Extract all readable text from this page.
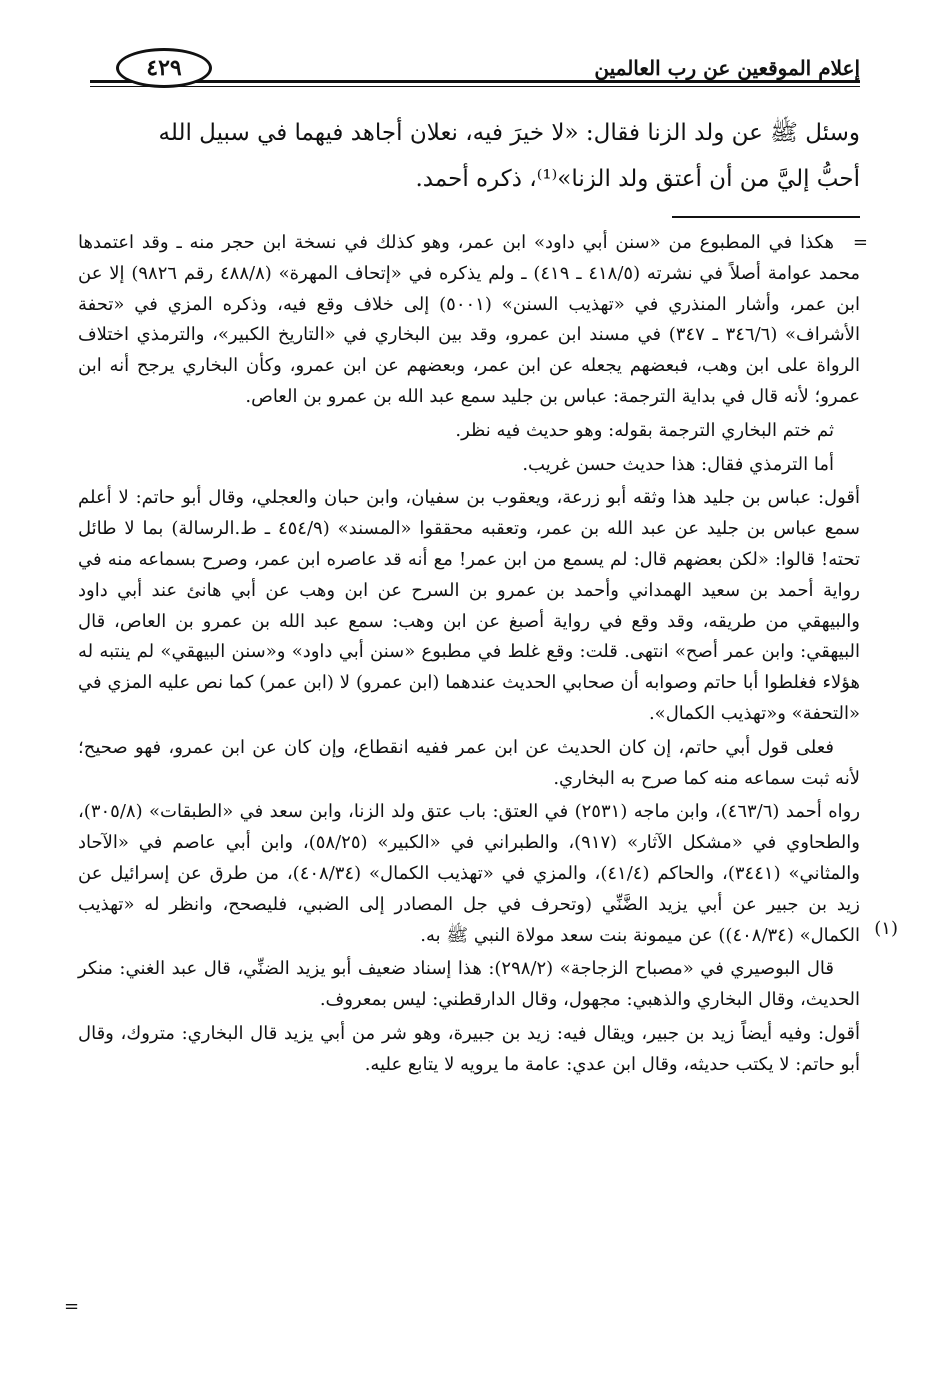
إعلام الموقعين عن رب العالمين
٤٢٩

وسئل ﷺ عن ولد الزنا فقال: «لا خيرَ فيه، نعلان أجاهد فيهما في سبيل الله

أحبُّ إليَّ من أن أعتق ولد الزنا»⁽¹⁾، ذكره أحمد.

=

هكذا في المطبوع من «سنن أبي داود» ابن عمر، وهو كذلك في نسخة ابن حجر منه ـ وقد اعتمدها محمد عوامة أصلاً في نشرته (٤١٨/٥ ـ ٤١٩) ـ ولم يذكره في «إتحاف المهرة» (٤٨٨/٨ رقم ٩٨٢٦) إلا عن ابن عمر، وأشار المنذري في «تهذيب السنن» (٥٠٠١) إلى خلاف وقع فيه، وذكره المزي في «تحفة الأشراف» (٣٤٦/٦ ـ ٣٤٧) في مسند ابن عمرو، وقد بين البخاري في «التاريخ الكبير»، والترمذي اختلاف الرواة على ابن وهب، فبعضهم يجعله عن ابن عمر، وبعضهم عن ابن عمرو، وكأن البخاري يرجح أنه ابن عمرو؛ لأنه قال في بداية الترجمة: عباس بن جليد سمع عبد الله بن عمرو بن العاص.

ثم ختم البخاري الترجمة بقوله: وهو حديث فيه نظر.

أما الترمذي فقال: هذا حديث حسن غريب.

أقول: عباس بن جليد هذا وثقه أبو زرعة، ويعقوب بن سفيان، وابن حبان والعجلي، وقال أبو حاتم: لا أعلم سمع عباس بن جليد عن عبد الله بن عمر، وتعقبه محققوا «المسند» (٤٥٤/٩ ـ ط.الرسالة) بما لا طائل تحته! قالوا: «لكن بعضهم قال: لم يسمع من ابن عمر! مع أنه قد عاصره ابن عمر، وصرح بسماعه منه في رواية أحمد بن سعيد الهمداني وأحمد بن عمرو بن السرح عن ابن وهب عن أبي هانئ عند أبي داود والبيهقي من طريقه، وقد وقع في رواية أصبغ عن ابن وهب: سمع عبد الله بن عمرو بن العاص، قال البيهقي: وابن عمر أصح» انتهى. قلت: وقع غلط في مطبوع «سنن أبي داود» و«سنن البيهقي» لم ينتبه له هؤلاء فغلطوا أبا حاتم وصوابه أن صحابي الحديث عندهما (ابن عمرو) لا (ابن عمر) كما نص عليه المزي في «التحفة» و«تهذيب الكمال».

فعلى قول أبي حاتم، إن كان الحديث عن ابن عمر ففيه انقطاع، وإن كان عن ابن عمرو، فهو صحيح؛ لأنه ثبت سماعه منه كما صرح به البخاري.

رواه أحمد (٤٦٣/٦)، وابن ماجه (٢٥٣١) في العتق: باب عتق ولد الزنا، وابن سعد في «الطبقات» (٣٠٥/٨)، والطحاوي في «مشكل الآثار» (٩١٧)، والطبراني في «الكبير» (٥٨/٢٥)، وابن أبي عاصم في «الآحاد والمثاني» (٣٤٤١)، والحاكم (٤١/٤)، والمزي في «تهذيب الكمال» (٤٠٨/٣٤)، من طرق عن إسرائيل عن زيد بن جبير عن أبي يزيد الضَّنِّي (وتحرف في جل المصادر إلى الضبي، فليصحح، وانظر له «تهذيب الكمال» (٤٠٨/٣٤)) عن ميمونة بنت سعد مولاة النبي ﷺ به.

قال البوصيري في «مصباح الزجاجة» (٢٩٨/٢): هذا إسناد ضعيف أبو يزيد الضنِّي، قال عبد الغني: منكر الحديث، وقال البخاري والذهبي: مجهول، وقال الدارقطني: ليس بمعروف.

أقول: وفيه أيضاً زيد بن جبير، ويقال فيه: زيد بن جبيرة، وهو شر من أبي يزيد قال البخاري: متروك، وقال أبو حاتم: لا يكتب حديثه، وقال ابن عدي: عامة ما يرويه لا يتابع عليه.

(١)
=
